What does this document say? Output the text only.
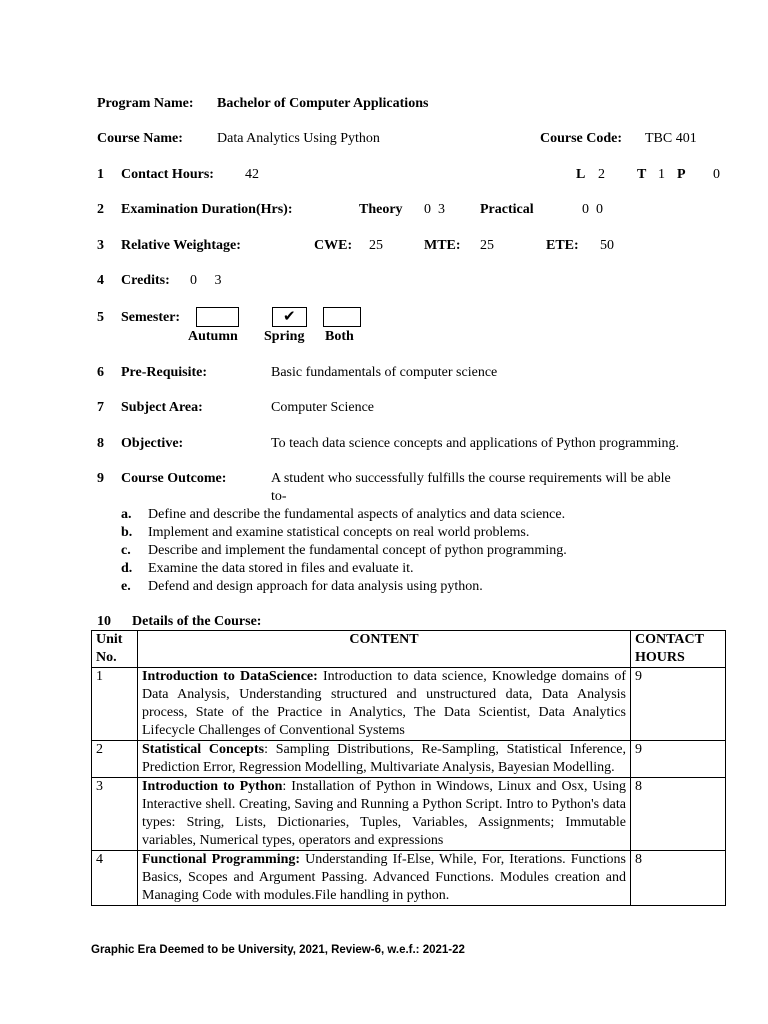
Program Name: Bachelor of Computer Applications
Course Name: Data Analytics Using Python	Course Code: TBC 401
1 Contact Hours: 42	L 2 T 1 P 0
2 Examination Duration(Hrs):	Theory 0  3	Practical	0  0
3 Relative Weightage:	CWE: 25	MTE: 25	ETE: 50
4 Credits: 0     3
5 Semester:	✔
Autumn Spring Both
6 Pre-Requisite:	Basic fundamentals of computer science
7 Subject Area:	Computer Science
8 Objective:	To teach data science concepts and applications of Python programming.
9 Course Outcome:	A student who successfully fulfills the course requirements will be able
to-
a. Define and describe the fundamental aspects of analytics and data science.
b. Implement and examine statistical concepts on real world problems.
c. Describe and implement the fundamental concept of python programming.
d. Examine the data stored in files and evaluate it.
e. Defend and design approach for data analysis using python.
10 Details of the Course:
Unit
No.	CONTENT	CONTACT
HOURS
1	Introduction to DataScience: Introduction to data science, Knowledge domains of Data Analysis, Understanding structured and unstructured data, Data Analysis process, State of the Practice in Analytics, The Data Scientist, Data Analytics Lifecycle Challenges of Conventional Systems	9
2	Statistical Concepts: Sampling Distributions, Re-Sampling, Statistical Inference, Prediction Error, Regression Modelling, Multivariate Analysis, Bayesian Modelling.	9
3	Introduction to Python: Installation of Python in Windows, Linux and Osx, Using Interactive shell. Creating, Saving and Running a Python Script. Intro to Python's data types: String, Lists, Dictionaries, Tuples, Variables, Assignments; Immutable variables, Numerical types, operators and expressions	8
4	Functional Programming: Understanding If-Else, While, For, Iterations. Functions Basics, Scopes and Argument Passing. Advanced Functions. Modules creation and Managing Code with modules.File handling in python.	8
Graphic Era Deemed to be University, 2021, Review-6, w.e.f.: 2021-22
